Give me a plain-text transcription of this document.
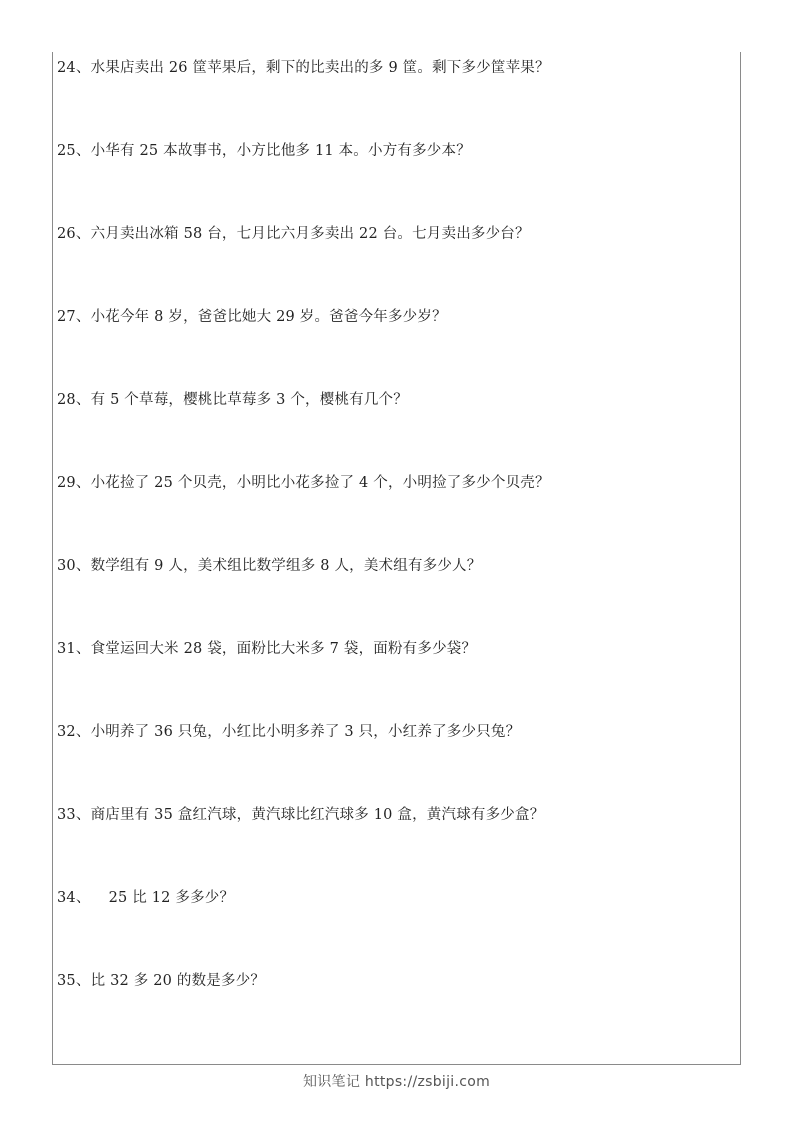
24、水果店卖出 26 筐苹果后，剩下的比卖出的多 9 筐。剩下多少筐苹果？
25、小华有 25 本故事书，小方比他多 11 本。小方有多少本？
26、六月卖出冰箱 58 台，七月比六月多卖出 22 台。七月卖出多少台？
27、小花今年 8 岁，爸爸比她大 29 岁。爸爸今年多少岁？
28、有 5 个草莓，樱桃比草莓多 3 个，樱桃有几个？
29、小花捡了 25 个贝壳，小明比小花多捡了 4 个，小明捡了多少个贝壳？
30、数学组有 9 人，美术组比数学组多 8 人，美术组有多少人？
31、食堂运回大米 28 袋，面粉比大米多 7 袋，面粉有多少袋？
32、小明养了 36 只兔，小红比小明多养了 3 只，小红养了多少只兔？
33、商店里有 35 盒红汽球，黄汽球比红汽球多 10 盒，黄汽球有多少盒？
34、 25 比 12 多多少？
35、比 32 多 20 的数是多少？
知识笔记 https://zsbiji.com
